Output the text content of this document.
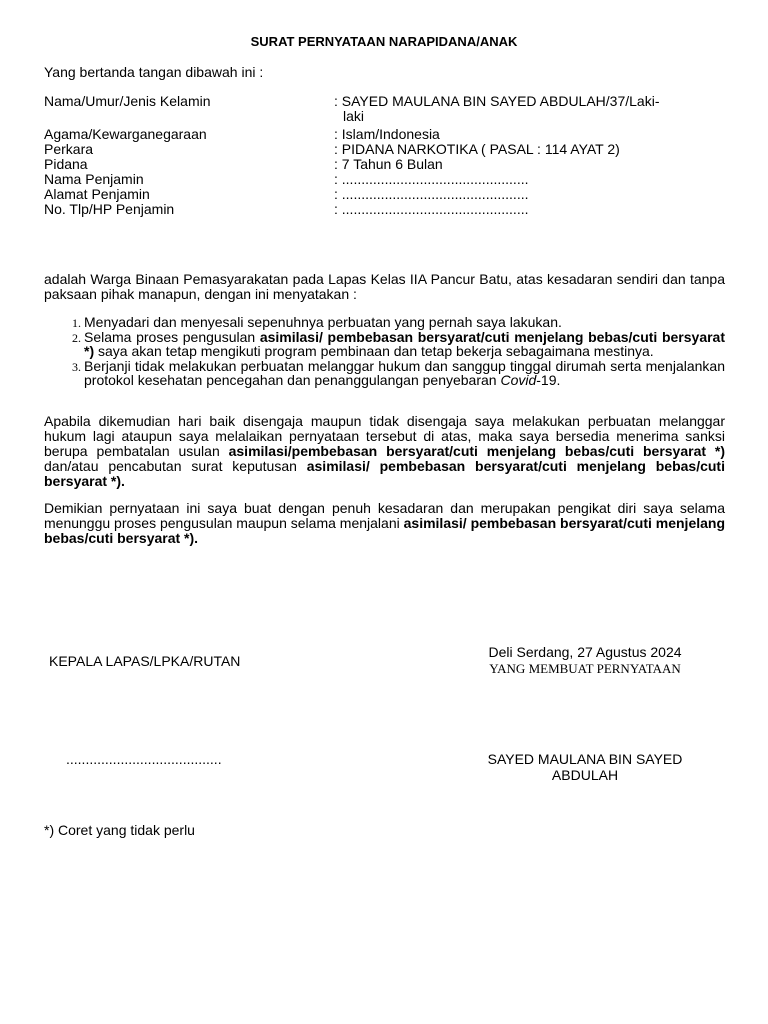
SURAT PERNYATAAN NARAPIDANA/ANAK
Yang bertanda tangan dibawah ini :
Nama/Umur/Jenis Kelamin	: SAYED MAULANA BIN SAYED ABDULAH/37/Laki-
laki

Agama/Kewarganegaraan	: Islam/Indonesia
Perkara	: PIDANA NARKOTIKA ( PASAL : 114 AYAT 2)
Pidana	: 7 Tahun 6 Bulan
Nama Penjamin	: ................................................
Alamat Penjamin	: ................................................
No. Tlp/HP Penjamin	: ................................................
adalah Warga Binaan Pemasyarakatan pada Lapas Kelas IIA Pancur Batu, atas kesadaran sendiri dan tanpa paksaan pihak manapun, dengan ini menyatakan :
1. Menyadari dan menyesali sepenuhnya perbuatan yang pernah saya lakukan.
2. Selama proses pengusulan asimilasi/ pembebasan bersyarat/cuti menjelang bebas/cuti bersyarat *) saya akan tetap mengikuti program pembinaan dan tetap bekerja sebagaimana mestinya.
3. Berjanji tidak melakukan perbuatan melanggar hukum dan sanggup tinggal dirumah serta menjalankan protokol kesehatan pencegahan dan penanggulangan penyebaran Covid-19.
Apabila dikemudian hari baik disengaja maupun tidak disengaja saya melakukan perbuatan melanggar hukum lagi ataupun saya melalaikan pernyataan tersebut di atas, maka saya bersedia menerima sanksi berupa pembatalan usulan asimilasi/pembebasan bersyarat/cuti menjelang bebas/cuti bersyarat *)  dan/atau pencabutan surat keputusan asimilasi/ pembebasan bersyarat/cuti menjelang bebas/cuti bersyarat *).
Demikian pernyataan ini saya buat dengan penuh kesadaran dan merupakan pengikat diri saya selama menunggu proses pengusulan maupun selama menjalani asimilasi/ pembebasan bersyarat/cuti menjelang bebas/cuti bersyarat *).
KEPALA LAPAS/LPKA/RUTAN
Deli Serdang, 27 Agustus 2024
YANG MEMBUAT PERNYATAAN
........................................	SAYED MAULANA BIN SAYED
ABDULAH
*) Coret yang tidak perlu
